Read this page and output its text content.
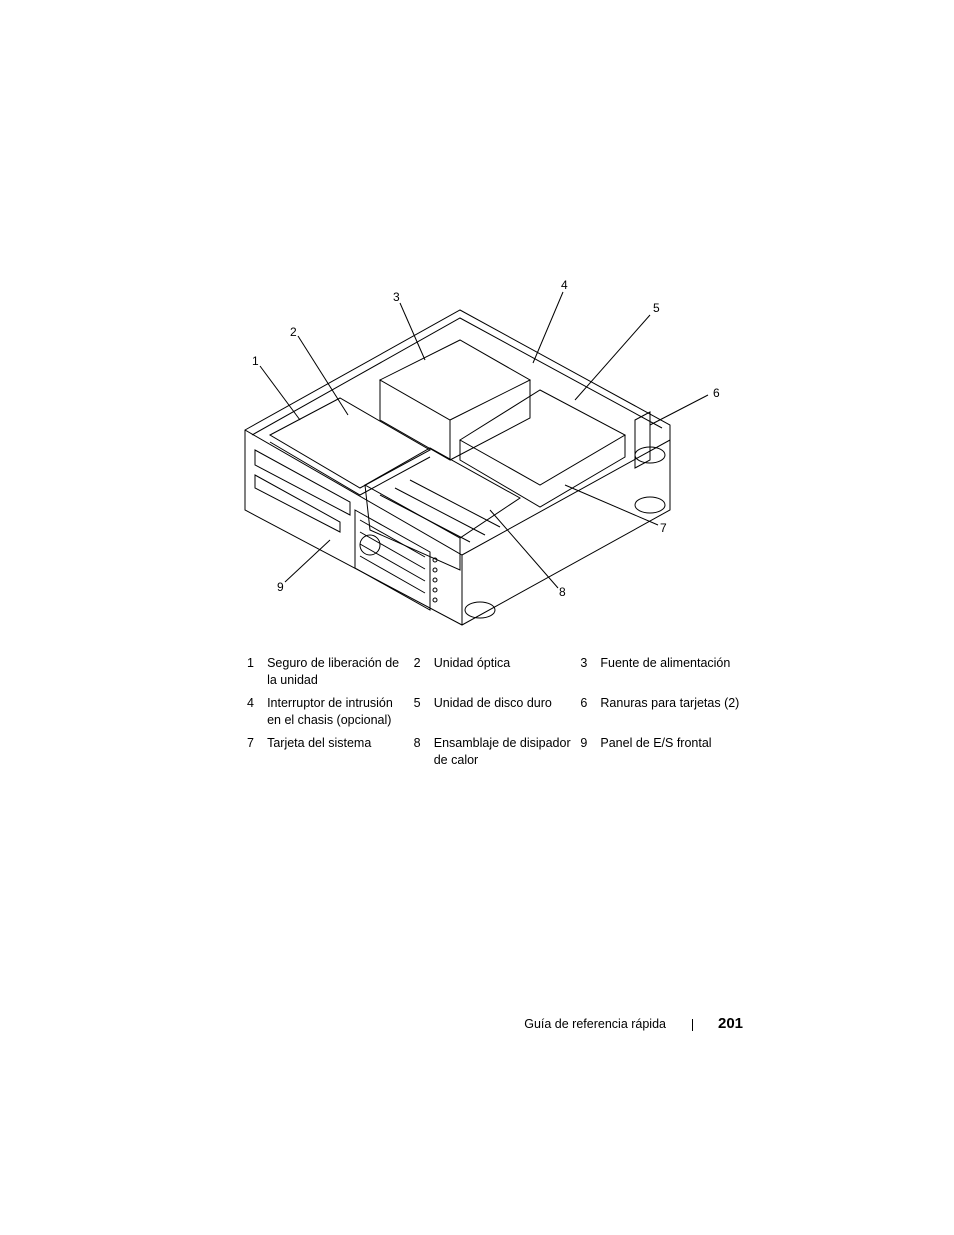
1
2
3
4
5
6
7
8
9
1	Seguro de liberación de la unidad	2	Unidad óptica	3	Fuente de alimentación
4	Interruptor de intrusión en el chasis (opcional)	5	Unidad de disco duro	6	Ranuras para tarjetas (2)
7	Tarjeta del sistema	8	Ensamblaje de disipador de calor	9	Panel de E/S frontal
Guía de referencia rápida	201
